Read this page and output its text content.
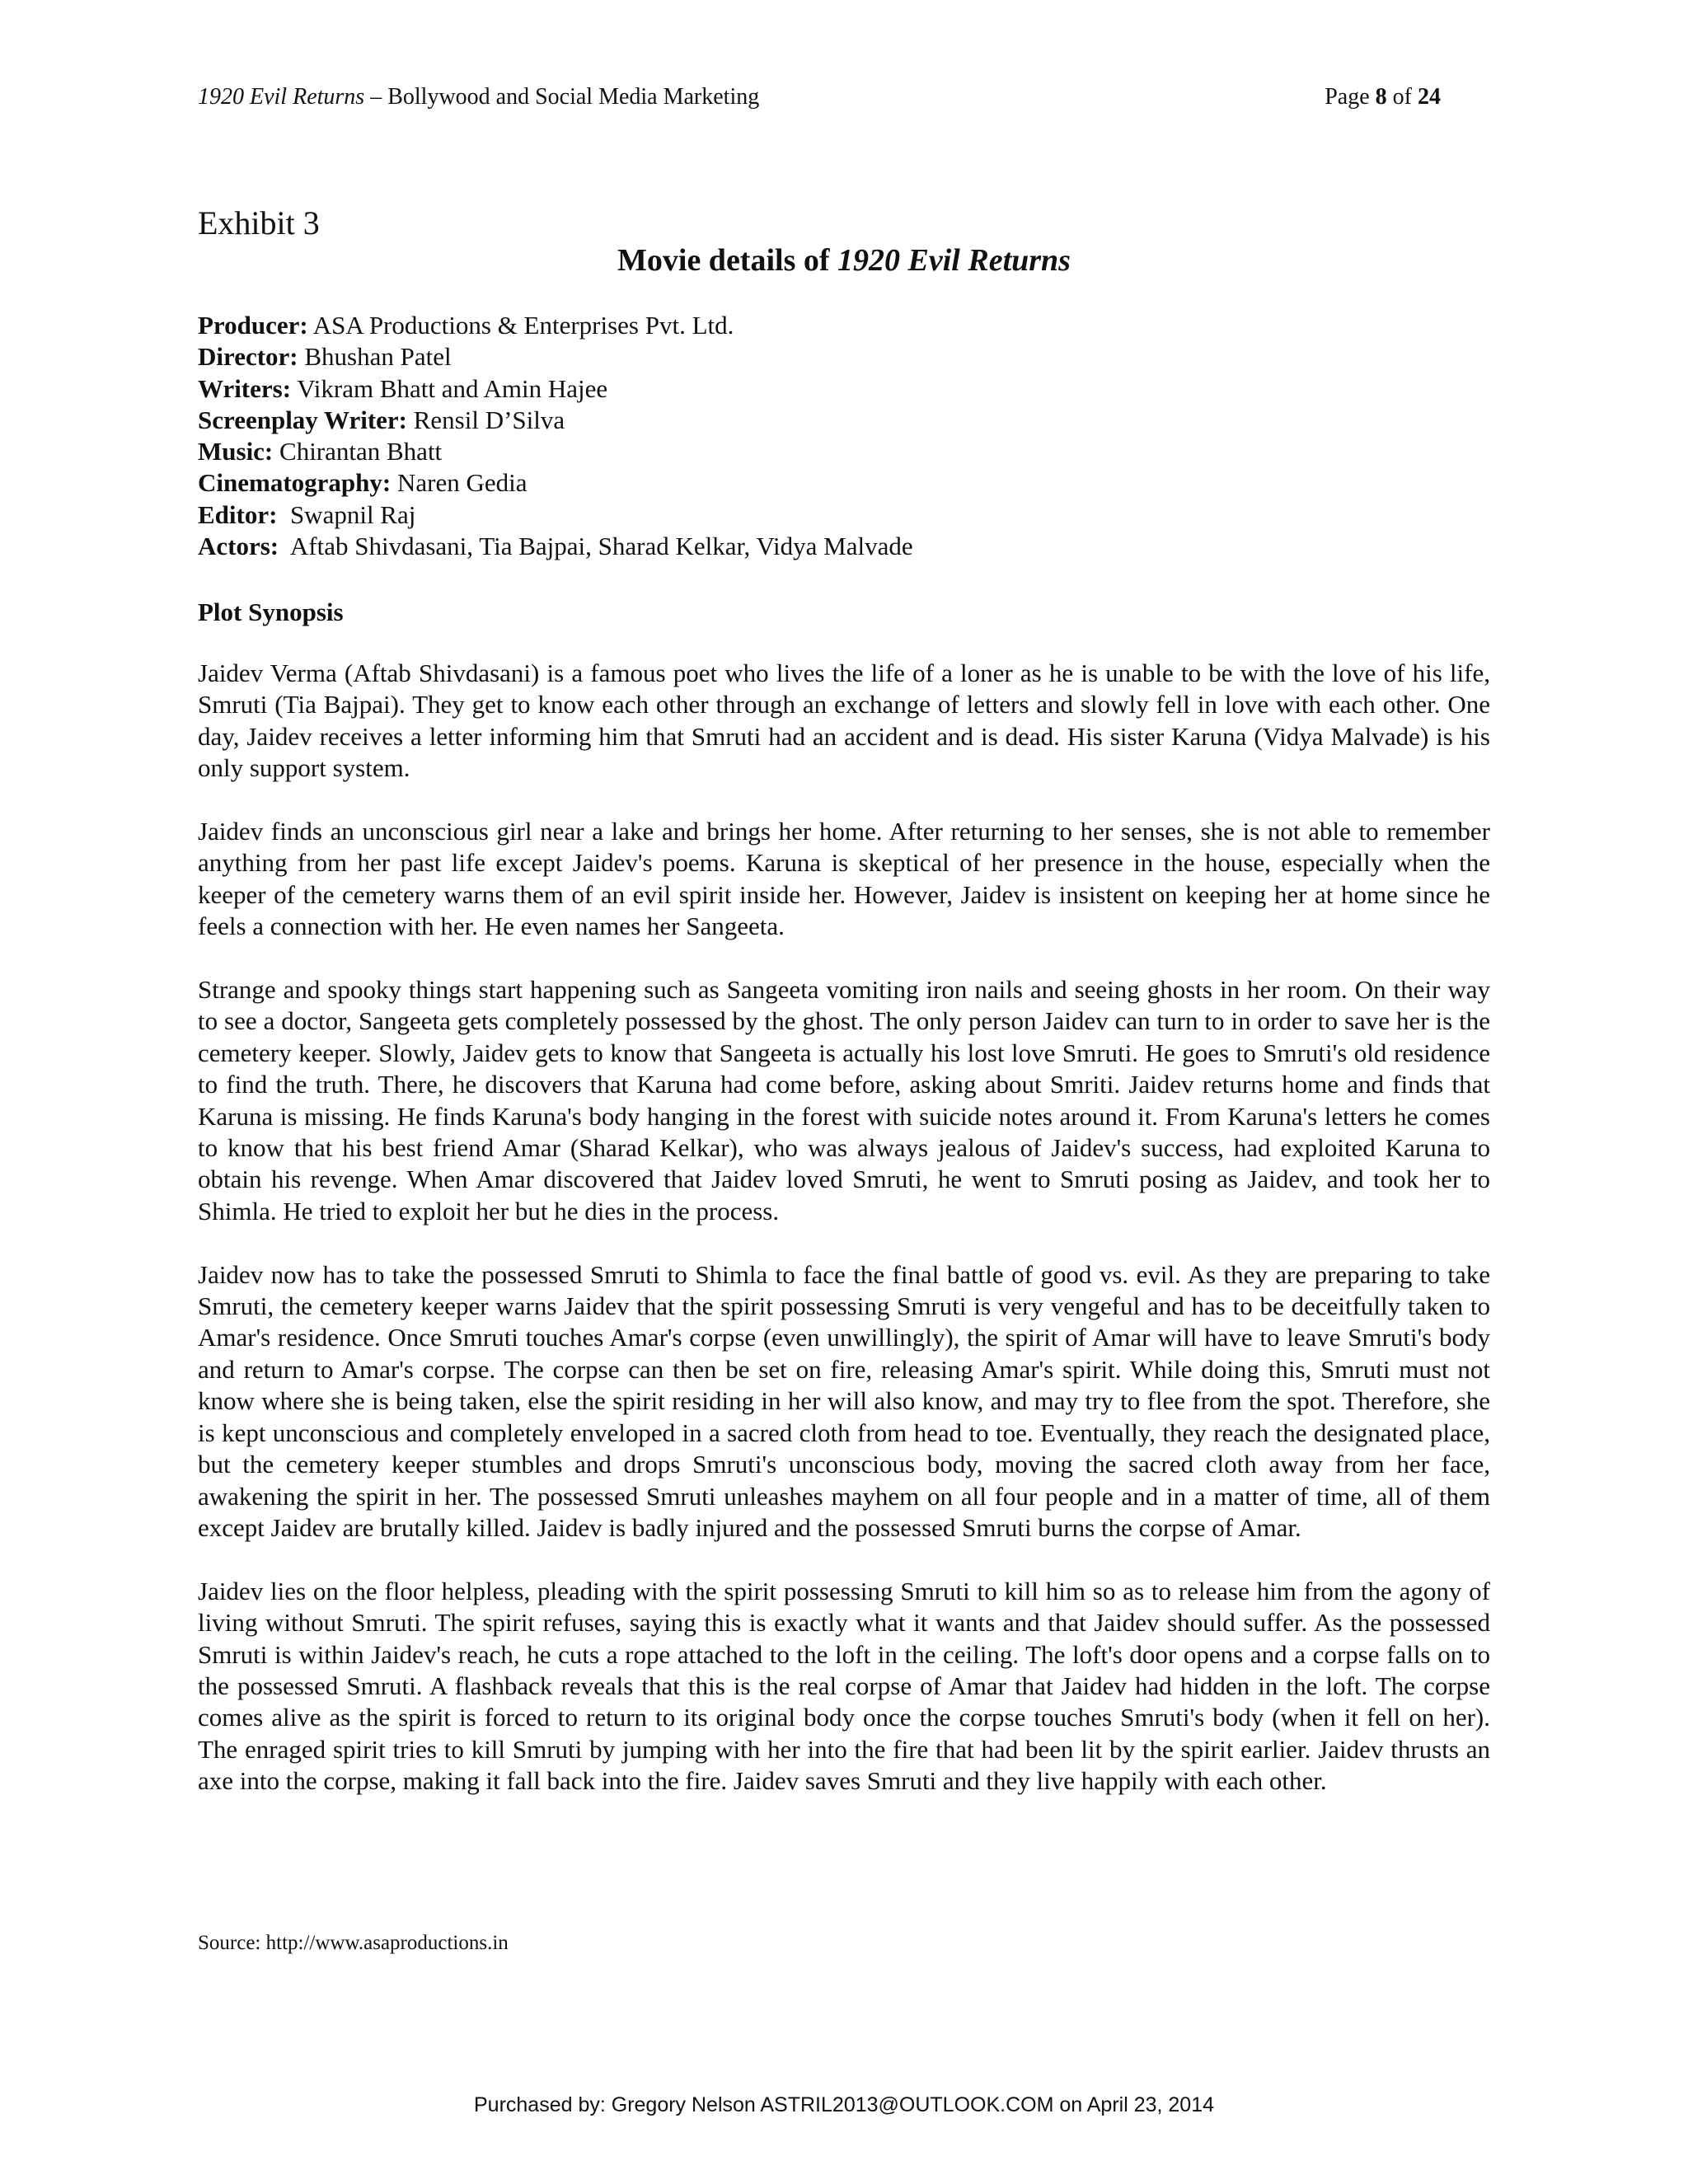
1920 Evil Returns – Bollywood and Social Media Marketing	Page 8 of 24
Exhibit 3
Movie details of 1920 Evil Returns
Producer: ASA Productions & Enterprises Pvt. Ltd.
Director: Bhushan Patel
Writers: Vikram Bhatt and Amin Hajee
Screenplay Writer: Rensil D’Silva
Music: Chirantan Bhatt
Cinematography: Naren Gedia
Editor:  Swapnil Raj
Actors:  Aftab Shivdasani, Tia Bajpai, Sharad Kelkar, Vidya Malvade
Plot Synopsis

Jaidev Verma (Aftab Shivdasani) is a famous poet who lives the life of a loner as he is unable to be with the love of his life, Smruti (Tia Bajpai). They get to know each other through an exchange of letters and slowly fell in love with each other. One day, Jaidev receives a letter informing him that Smruti had an accident and is dead. His sister Karuna (Vidya Malvade) is his only support system.

Jaidev finds an unconscious girl near a lake and brings her home. After returning to her senses, she is not able to remember anything from her past life except Jaidev's poems. Karuna is skeptical of her presence in the house, especially when the keeper of the cemetery warns them of an evil spirit inside her. However, Jaidev is insistent on keeping her at home since he feels a connection with her. He even names her Sangeeta.

Strange and spooky things start happening such as Sangeeta vomiting iron nails and seeing ghosts in her room. On their way to see a doctor, Sangeeta gets completely possessed by the ghost. The only person Jaidev can turn to in order to save her is the cemetery keeper. Slowly, Jaidev gets to know that Sangeeta is actually his lost love Smruti. He goes to Smruti's old residence to find the truth. There, he discovers that Karuna had come before, asking about Smriti. Jaidev returns home and finds that Karuna is missing. He finds Karuna's body hanging in the forest with suicide notes around it. From Karuna's letters he comes to know that his best friend Amar (Sharad Kelkar), who was always jealous of Jaidev's success, had exploited Karuna to obtain his revenge. When Amar discovered that Jaidev loved Smruti, he went to Smruti posing as Jaidev, and took her to Shimla. He tried to exploit her but he dies in the process.

Jaidev now has to take the possessed Smruti to Shimla to face the final battle of good vs. evil. As they are preparing to take Smruti, the cemetery keeper warns Jaidev that the spirit possessing Smruti is very vengeful and has to be deceitfully taken to Amar's residence. Once Smruti touches Amar's corpse (even unwillingly), the spirit of Amar will have to leave Smruti's body and return to Amar's corpse. The corpse can then be set on fire, releasing Amar's spirit. While doing this, Smruti must not know where she is being taken, else the spirit residing in her will also know, and may try to flee from the spot. Therefore, she is kept unconscious and completely enveloped in a sacred cloth from head to toe. Eventually, they reach the designated place, but the cemetery keeper stumbles and drops Smruti's unconscious body, moving the sacred cloth away from her face, awakening the spirit in her. The possessed Smruti unleashes mayhem on all four people and in a matter of time, all of them except Jaidev are brutally killed. Jaidev is badly injured and the possessed Smruti burns the corpse of Amar.

Jaidev lies on the floor helpless, pleading with the spirit possessing Smruti to kill him so as to release him from the agony of living without Smruti. The spirit refuses, saying this is exactly what it wants and that Jaidev should suffer. As the possessed Smruti is within Jaidev's reach, he cuts a rope attached to the loft in the ceiling. The loft's door opens and a corpse falls on to the possessed Smruti. A flashback reveals that this is the real corpse of Amar that Jaidev had hidden in the loft. The corpse comes alive as the spirit is forced to return to its original body once the corpse touches Smruti's body (when it fell on her). The enraged spirit tries to kill Smruti by jumping with her into the fire that had been lit by the spirit earlier. Jaidev thrusts an axe into the corpse, making it fall back into the fire. Jaidev saves Smruti and they live happily with each other.

Source: http://www.asaproductions.in
Purchased by: Gregory Nelson ASTRIL2013@OUTLOOK.COM on April 23, 2014
